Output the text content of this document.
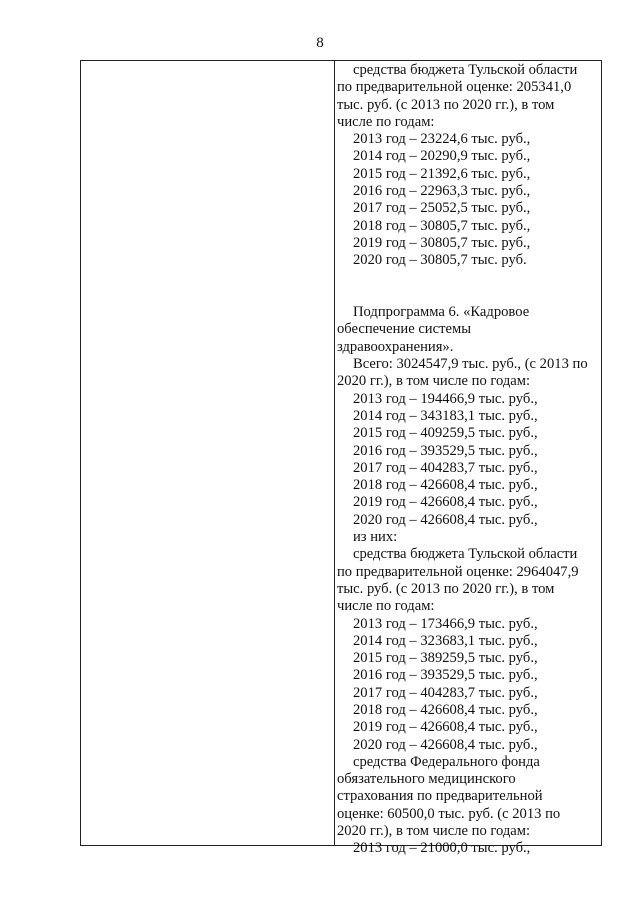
8
средства бюджета Тульской области
по предварительной оценке: 205341,0
тыс. руб. (с 2013 по 2020 гг.), в том
числе по годам:
2013 год – 23224,6 тыс. руб.,
2014 год – 20290,9 тыс. руб.,
2015 год – 21392,6 тыс. руб.,
2016 год – 22963,3 тыс. руб.,
2017 год – 25052,5 тыс. руб.,
2018 год – 30805,7 тыс. руб.,
2019 год – 30805,7 тыс. руб.,
2020 год – 30805,7 тыс. руб.
Подпрограмма 6. «Кадровое
обеспечение системы
здравоохранения».
Всего: 3024547,9 тыс. руб., (с 2013 по
2020 гг.), в том числе по годам:
2013 год – 194466,9 тыс. руб.,
2014 год – 343183,1 тыс. руб.,
2015 год – 409259,5 тыс. руб.,
2016 год – 393529,5 тыс. руб.,
2017 год – 404283,7 тыс. руб.,
2018 год – 426608,4 тыс. руб.,
2019 год – 426608,4 тыс. руб.,
2020 год – 426608,4 тыс. руб.,
из них:
средства бюджета Тульской области
по предварительной оценке: 2964047,9
тыс. руб. (с 2013 по 2020 гг.), в том
числе по годам:
2013 год – 173466,9 тыс. руб.,
2014 год – 323683,1 тыс. руб.,
2015 год – 389259,5 тыс. руб.,
2016 год – 393529,5 тыс. руб.,
2017 год – 404283,7 тыс. руб.,
2018 год – 426608,4 тыс. руб.,
2019 год – 426608,4 тыс. руб.,
2020 год – 426608,4 тыс. руб.,
средства Федерального фонда
обязательного медицинского
страхования по предварительной
оценке: 60500,0 тыс. руб. (с 2013 по
2020 гг.), в том числе по годам:
2013 год – 21000,0 тыс. руб.,
